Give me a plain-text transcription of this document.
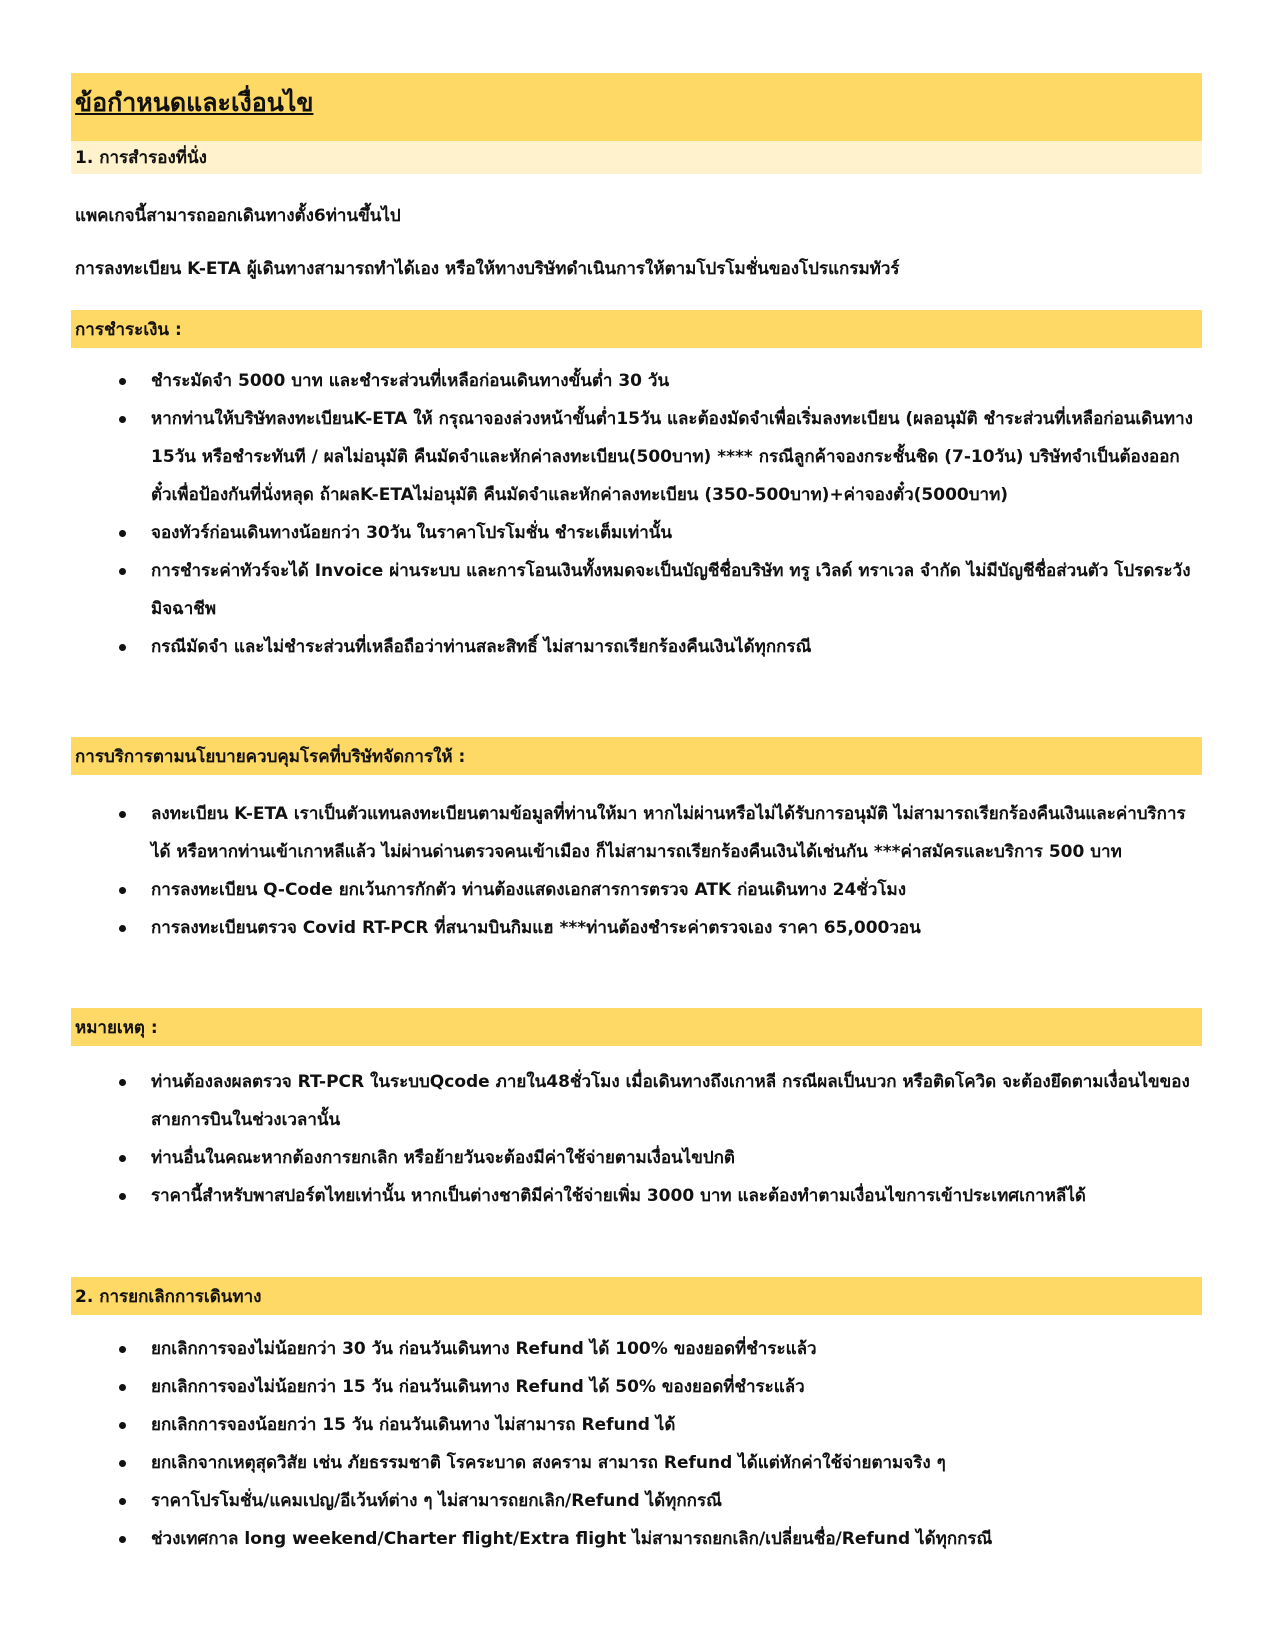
ข้อกำหนดและเงื่อนไข
1. การสำรองที่นั่ง
แพคเกจนี้สามารถออกเดินทางตั้ง6ท่านขึ้นไป
การลงทะเบียน K-ETA ผู้เดินทางสามารถทำได้เอง หรือให้ทางบริษัทดำเนินการให้ตามโปรโมชั่นของโปรแกรมทัวร์
การชำระเงิน :
ชำระมัดจำ 5000 บาท และชำระส่วนที่เหลือก่อนเดินทางขั้นต่ำ 30 วัน
หากท่านให้บริษัทลงทะเบียนK-ETA ให้ กรุณาจองล่วงหน้าขั้นต่ำ15วัน และต้องมัดจำเพื่อเริ่มลงทะเบียน (ผลอนุมัติ ชำระส่วนที่เหลือก่อนเดินทาง 15วัน หรือชำระทันที / ผลไม่อนุมัติ คืนมัดจำและหักค่าลงทะเบียน(500บาท) **** กรณีลูกค้าจองกระชั้นชิด (7-10วัน) บริษัทจำเป็นต้องออกตั๋วเพื่อป้องกันที่นั่งหลุด ถ้าผลK-ETAไม่อนุมัติ คืนมัดจำและหักค่าลงทะเบียน (350-500บาท)+ค่าจองตั๋ว(5000บาท)
จองทัวร์ก่อนเดินทางน้อยกว่า 30วัน ในราคาโปรโมชั่น ชำระเต็มเท่านั้น
การชำระค่าทัวร์จะได้ Invoice ผ่านระบบ และการโอนเงินทั้งหมดจะเป็นบัญชีชื่อบริษัท ทรู เวิลด์ ทราเวล จำกัด ไม่มีบัญชีชื่อส่วนตัว โปรดระวังมิจฉาชีพ
กรณีมัดจำ และไม่ชำระส่วนที่เหลือถือว่าท่านสละสิทธิ์ ไม่สามารถเรียกร้องคืนเงินได้ทุกกรณี
การบริการตามนโยบายควบคุมโรคที่บริษัทจัดการให้ :
ลงทะเบียน K-ETA เราเป็นตัวแทนลงทะเบียนตามข้อมูลที่ท่านให้มา หากไม่ผ่านหรือไม่ได้รับการอนุมัติ ไม่สามารถเรียกร้องคืนเงินและค่าบริการได้ หรือหากท่านเข้าเกาหลีแล้ว ไม่ผ่านด่านตรวจคนเข้าเมือง ก็ไม่สามารถเรียกร้องคืนเงินได้เช่นกัน ***ค่าสมัครและบริการ 500 บาท
การลงทะเบียน Q-Code ยกเว้นการกักตัว ท่านต้องแสดงเอกสารการตรวจ ATK ก่อนเดินทาง 24ชั่วโมง
การลงทะเบียนตรวจ Covid RT-PCR ที่สนามบินกิมแฮ ***ท่านต้องชำระค่าตรวจเอง ราคา 65,000วอน
หมายเหตุ :
ท่านต้องลงผลตรวจ RT-PCR ในระบบQcode ภายใน48ชั่วโมง เมื่อเดินทางถึงเกาหลี กรณีผลเป็นบวก หรือติดโควิด จะต้องยึดตามเงื่อนไขของสายการบินในช่วงเวลานั้น
ท่านอื่นในคณะหากต้องการยกเลิก หรือย้ายวันจะต้องมีค่าใช้จ่ายตามเงื่อนไขปกติ
ราคานี้สำหรับพาสปอร์ตไทยเท่านั้น หากเป็นต่างชาติมีค่าใช้จ่ายเพิ่ม 3000 บาท และต้องทำตามเงื่อนไขการเข้าประเทศเกาหลีได้
2. การยกเลิกการเดินทาง
ยกเลิกการจองไม่น้อยกว่า 30 วัน ก่อนวันเดินทาง Refund ได้ 100% ของยอดที่ชำระแล้ว
ยกเลิกการจองไม่น้อยกว่า 15 วัน ก่อนวันเดินทาง Refund ได้ 50% ของยอดที่ชำระแล้ว
ยกเลิกการจองน้อยกว่า 15 วัน ก่อนวันเดินทาง ไม่สามารถ Refund ได้
ยกเลิกจากเหตุสุดวิสัย เช่น ภัยธรรมชาติ โรคระบาด สงคราม สามารถ Refund ได้แต่หักค่าใช้จ่ายตามจริง ๆ
ราคาโปรโมชั่น/แคมเปญ/อีเว้นท์ต่าง ๆ ไม่สามารถยกเลิก/Refund ได้ทุกกรณี
ช่วงเทศกาล long weekend/Charter flight/Extra flight ไม่สามารถยกเลิก/เปลี่ยนชื่อ/Refund ได้ทุกกรณี
